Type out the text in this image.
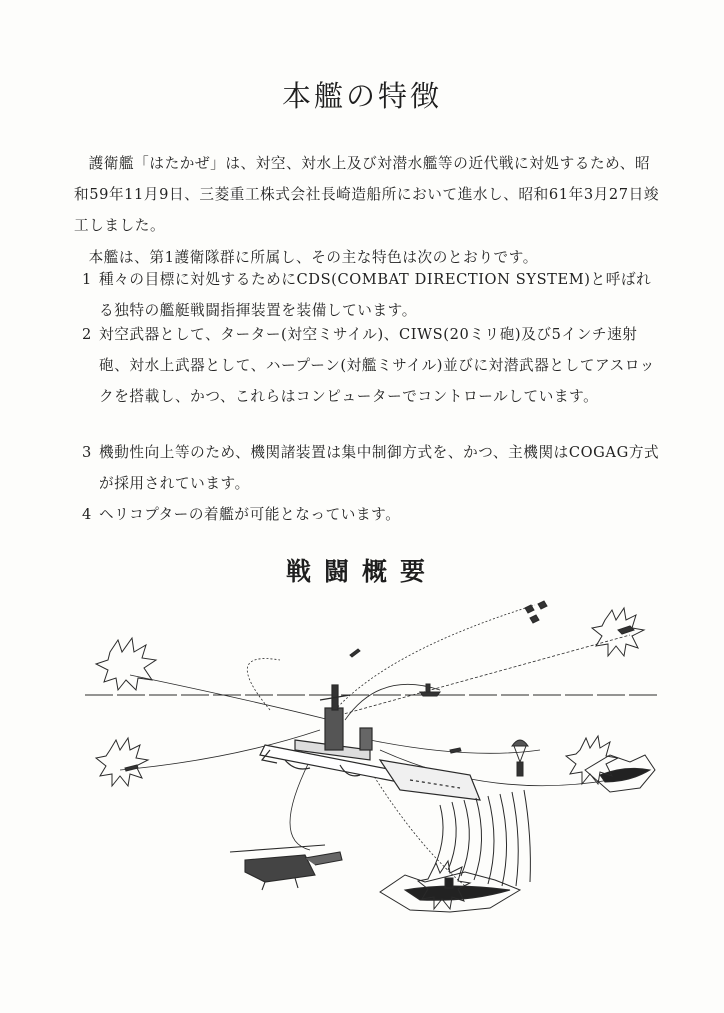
本艦の特徴
護衛艦「はたかぜ」は、対空、対水上及び対潜水艦等の近代戦に対処するため、昭和59年11月9日、三菱重工株式会社長崎造船所において進水し、昭和61年3月27日竣工しました。
本艦は、第1護衛隊群に所属し、その主な特色は次のとおりです。
1 種々の目標に対処するためにCDS(COMBAT DIRECTION SYSTEM)と呼ばれる独特の艦艇戦闘指揮装置を装備しています。
2 対空武器として、ターター(対空ミサイル)、CIWS(20ミリ砲)及び5インチ速射砲、対水上武器として、ハープーン(対艦ミサイル)並びに対潜武器としてアスロックを搭載し、かつ、これらはコンピューターでコントロールしています。
3 機動性向上等のため、機関諸装置は集中制御方式を、かつ、主機関はCOGAG方式が採用されています。
4 ヘリコプターの着艦が可能となっています。
戦闘概要
